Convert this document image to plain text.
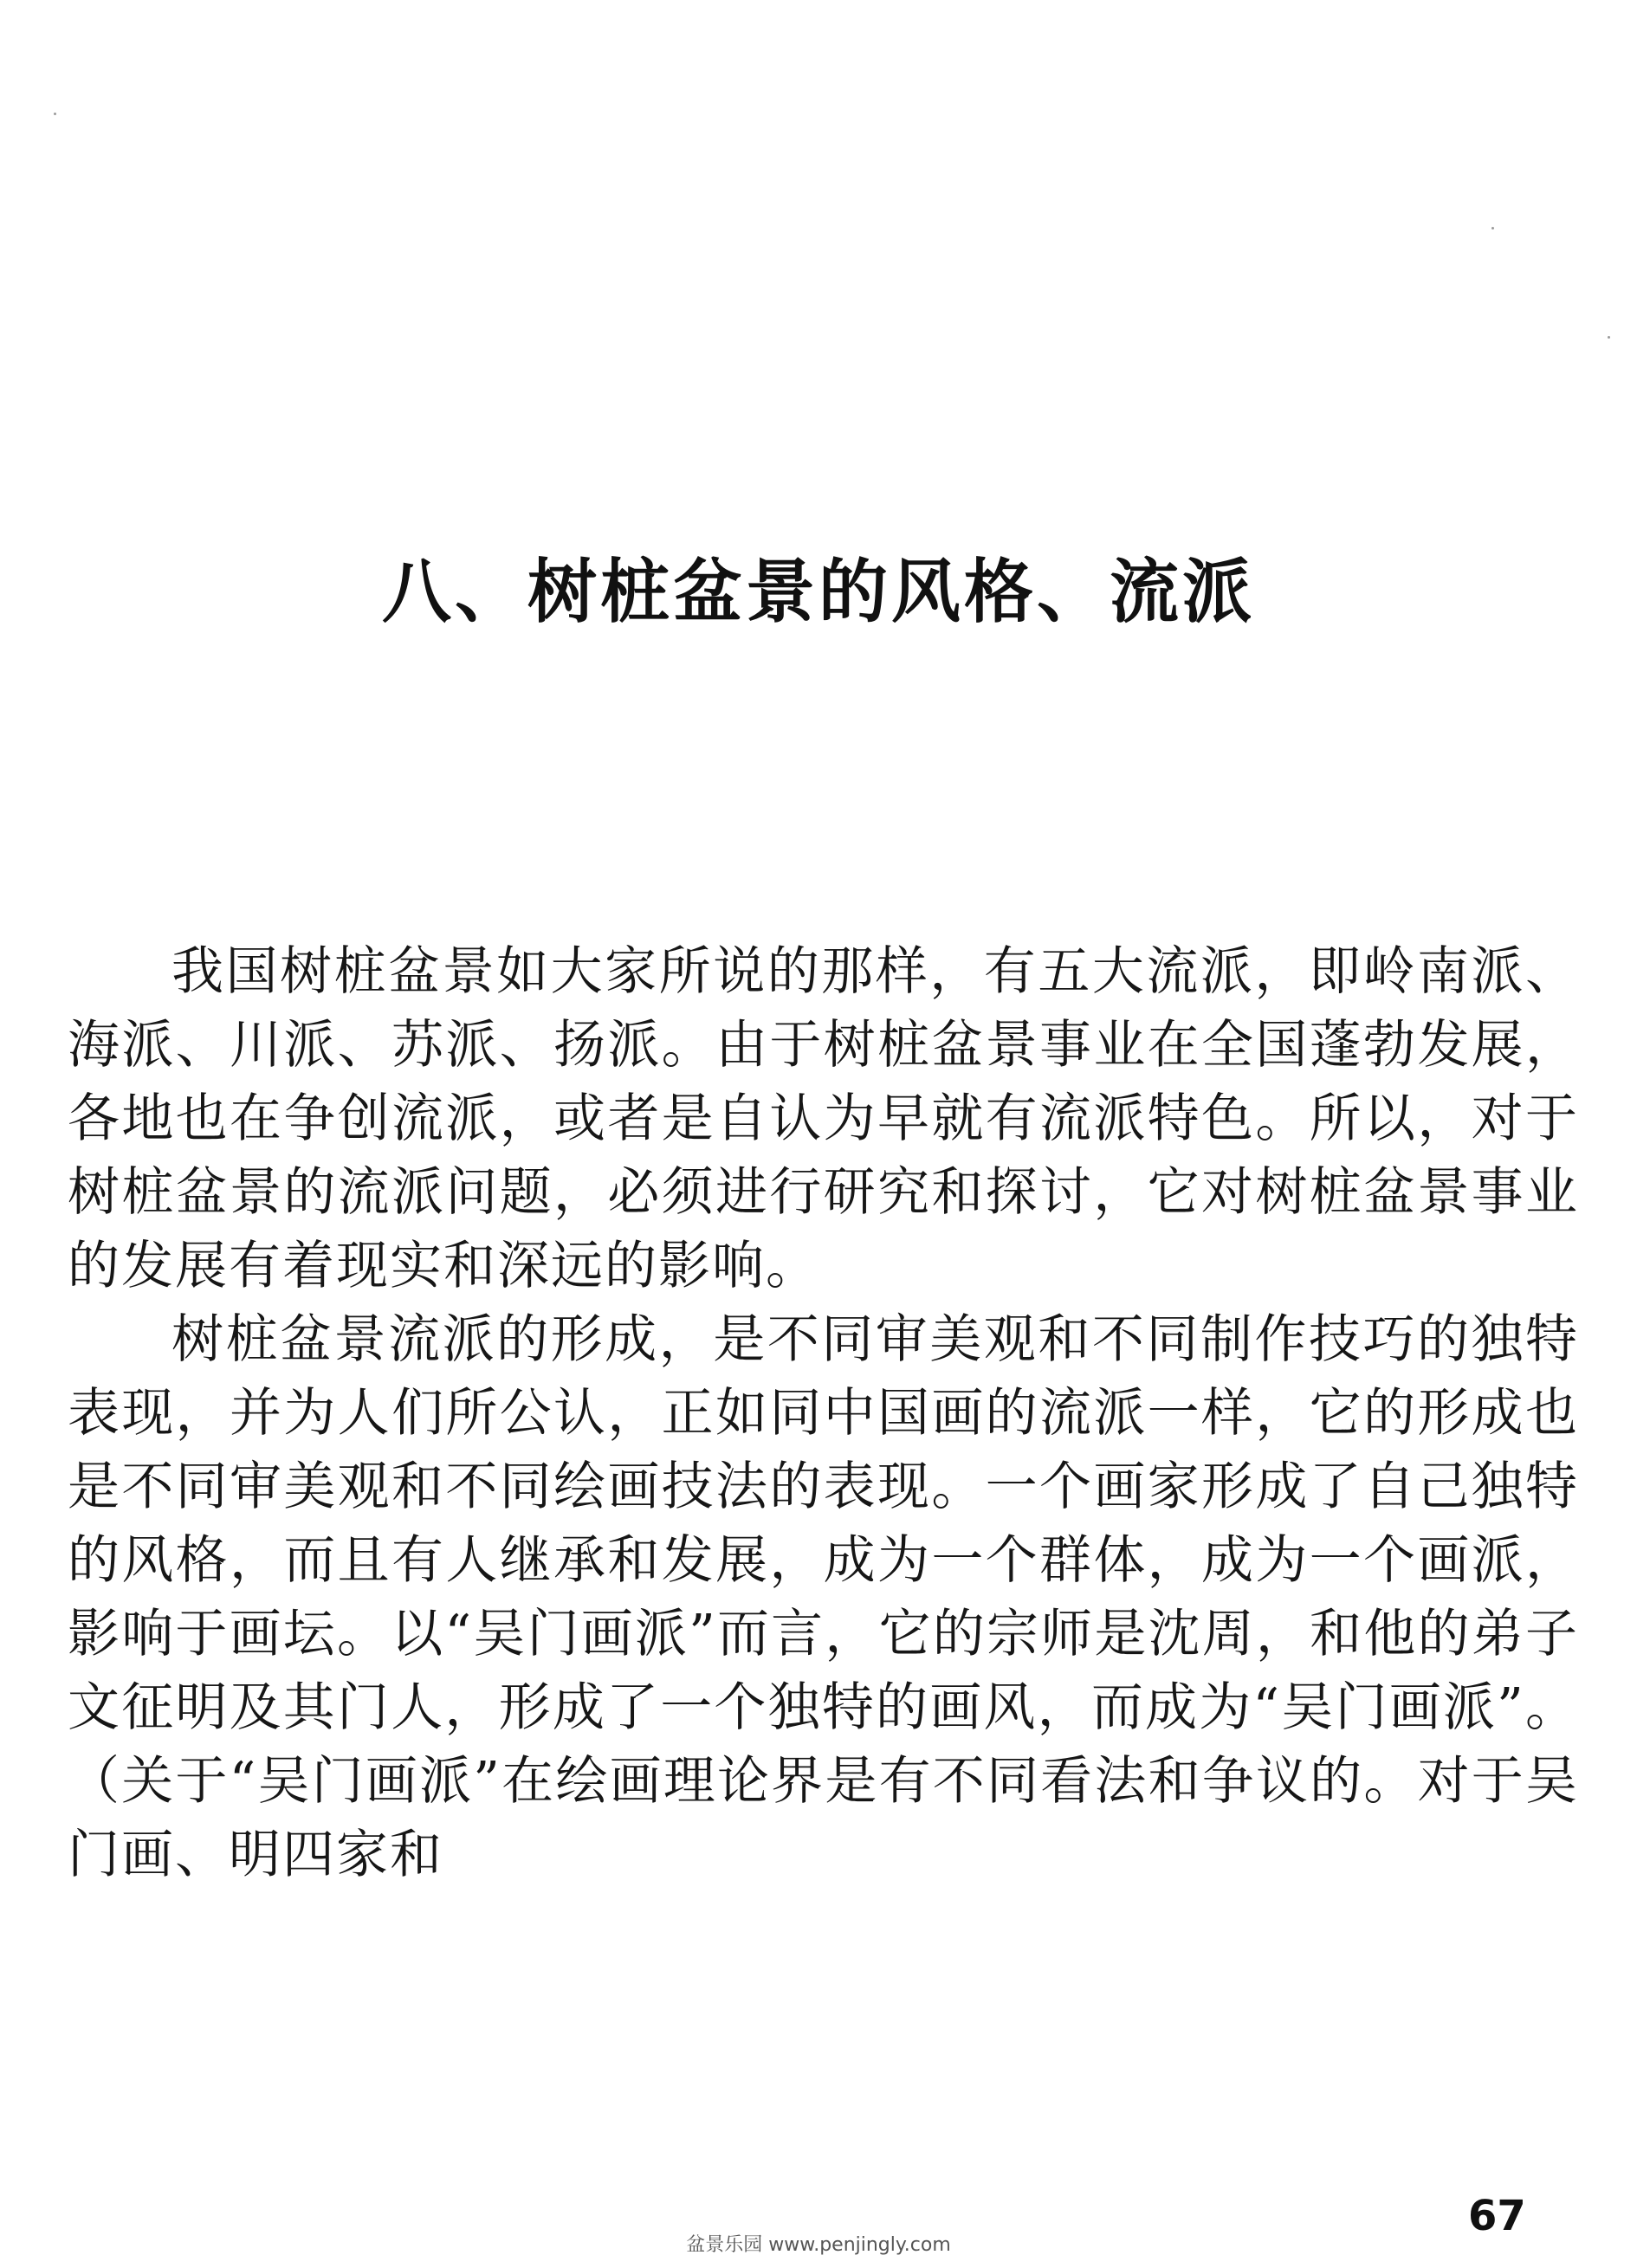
八、树桩盆景的风格、流派

我国树桩盆景如大家所说的那样，有五大流派，即岭南派、海派、川派、苏派、扬派。由于树桩盆景事业在全国蓬勃发展，各地也在争创流派，或者是自认为早就有流派特色。所以，对于树桩盆景的流派问题，必须进行研究和探讨，它对树桩盆景事业的发展有着现实和深远的影响。

树桩盆景流派的形成，是不同审美观和不同制作技巧的独特表现，并为人们所公认，正如同中国画的流派一样，它的形成也是不同审美观和不同绘画技法的表现。一个画家形成了自己独特的风格，而且有人继承和发展，成为一个群体，成为一个画派，影响于画坛。以“吴门画派”而言，它的宗师是沈周，和他的弟子文征明及其门人，形成了一个独特的画风，而成为“吴门画派”。（关于“吴门画派”在绘画理论界是有不同看法和争议的。对于吴门画、明四家和

67
盆景乐园 www.penjingly.com
